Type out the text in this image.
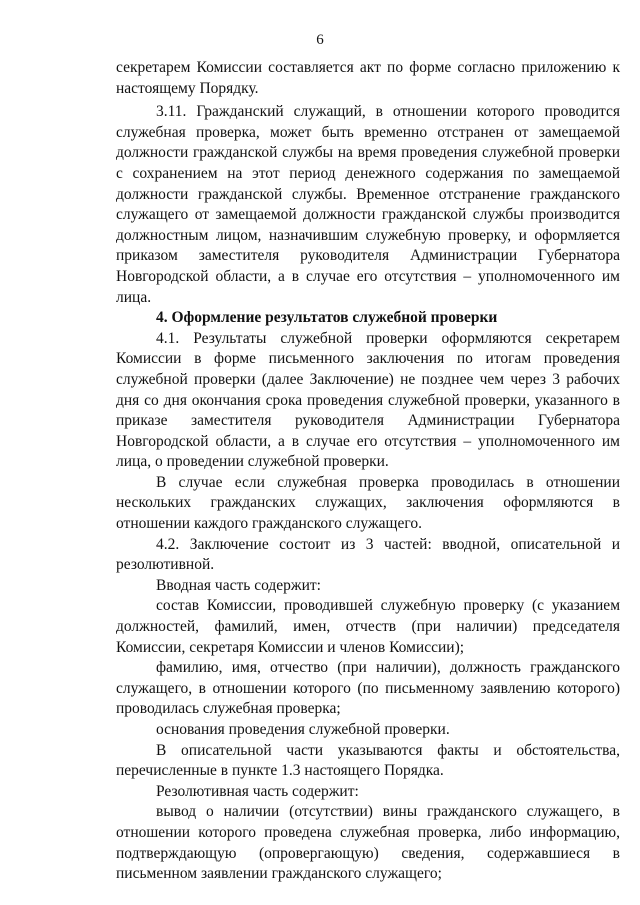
6

секретарем Комиссии составляется акт по форме согласно приложению к настоящему Порядку.

3.11. Гражданский служащий, в отношении которого проводится служебная проверка, может быть временно отстранен от замещаемой должности гражданской службы на время проведения служебной проверки с сохранением на этот период денежного содержания по замещаемой должности гражданской службы. Временное отстранение гражданского служащего от замещаемой должности гражданской службы производится должностным лицом, назначившим служебную проверку, и оформляется приказом заместителя руководителя Администрации Губернатора Новгородской области, а в случае его отсутствия – уполномоченного им лица.

4. Оформление результатов служебной проверки

4.1. Результаты служебной проверки оформляются секретарем Комиссии в форме письменного заключения по итогам проведения служебной проверки (далее Заключение) не позднее чем через 3 рабочих дня со дня окончания срока проведения служебной проверки, указанного в приказе заместителя руководителя Администрации Губернатора Новгородской области, а в случае его отсутствия – уполномоченного им лица, о проведении служебной проверки.

В случае если служебная проверка проводилась в отношении нескольких гражданских служащих, заключения оформляются в отношении каждого гражданского служащего.

4.2. Заключение состоит из 3 частей: вводной, описательной и резолютивной.

Вводная часть содержит:

состав Комиссии, проводившей служебную проверку (с указанием должностей, фамилий, имен, отчеств (при наличии) председателя Комиссии, секретаря Комиссии и членов Комиссии);

фамилию, имя, отчество (при наличии), должность гражданского служащего, в отношении которого (по письменному заявлению которого) проводилась служебная проверка;

основания проведения служебной проверки.

В описательной части указываются факты и обстоятельства, перечисленные в пункте 1.3 настоящего Порядка.

Резолютивная часть содержит:

вывод о наличии (отсутствии) вины гражданского служащего, в отношении которого проведена служебная проверка, либо информацию, подтверждающую (опровергающую) сведения, содержавшиеся в письменном заявлении гражданского служащего;
